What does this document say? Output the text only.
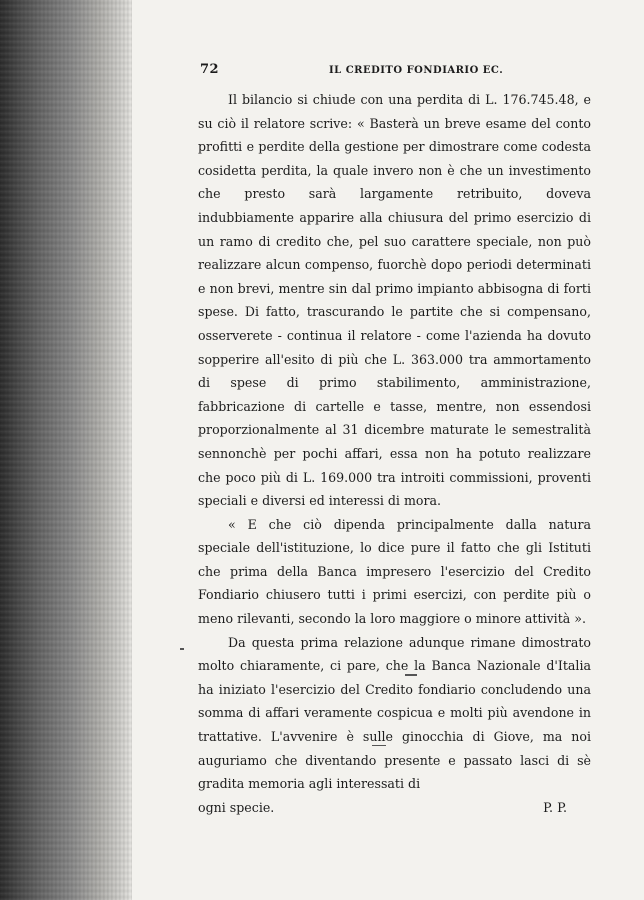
72	IL CREDITO FONDIARIO EC.

Il bilancio si chiude con una perdita di L. 176.745.48, e su ciò il relatore scrive: « Basterà un breve esame del conto profitti e perdite della gestione per dimostrare come codesta cosidetta perdita, la quale invero non è che un investimento che presto sarà largamente retribuito, doveva indubbiamente apparire alla chiusura del primo esercizio di un ramo di credito che, pel suo carattere speciale, non può realizzare alcun compenso, fuorchè dopo periodi determinati e non brevi, mentre sin dal primo impianto abbisogna di forti spese. Di fatto, trascurando le partite che si compensano, osserverete - continua il relatore - come l'azienda ha dovuto sopperire all'esito di più che L. 363.000 tra ammortamento di spese di primo stabilimento, amministrazione, fabbricazione di cartelle e tasse, mentre, non essendosi proporzionalmente al 31 dicembre maturate le semestralità sennonchè per pochi affari, essa non ha potuto realizzare che poco più di L. 169.000 tra introiti commissioni, proventi speciali e diversi ed interessi di mora.

« E che ciò dipenda principalmente dalla natura speciale dell'istituzione, lo dice pure il fatto che gli Istituti che prima della Banca impresero l'esercizio del Credito Fondiario chiusero tutti i primi esercizi, con perdite più o meno rilevanti, secondo la loro maggiore o minore attività ».

Da questa prima relazione adunque rimane dimostrato molto chiaramente, ci pare, che la Banca Nazionale d'Italia ha iniziato l'esercizio del Credito fondiario concludendo una somma di affari veramente cospicua e molti più avendone in trattative. L'avvenire è sulle ginocchia di Giove, ma noi auguriamo che diventando presente e passato lasci di sè gradita memoria agli interessati di

ogni specie.	P. P.
